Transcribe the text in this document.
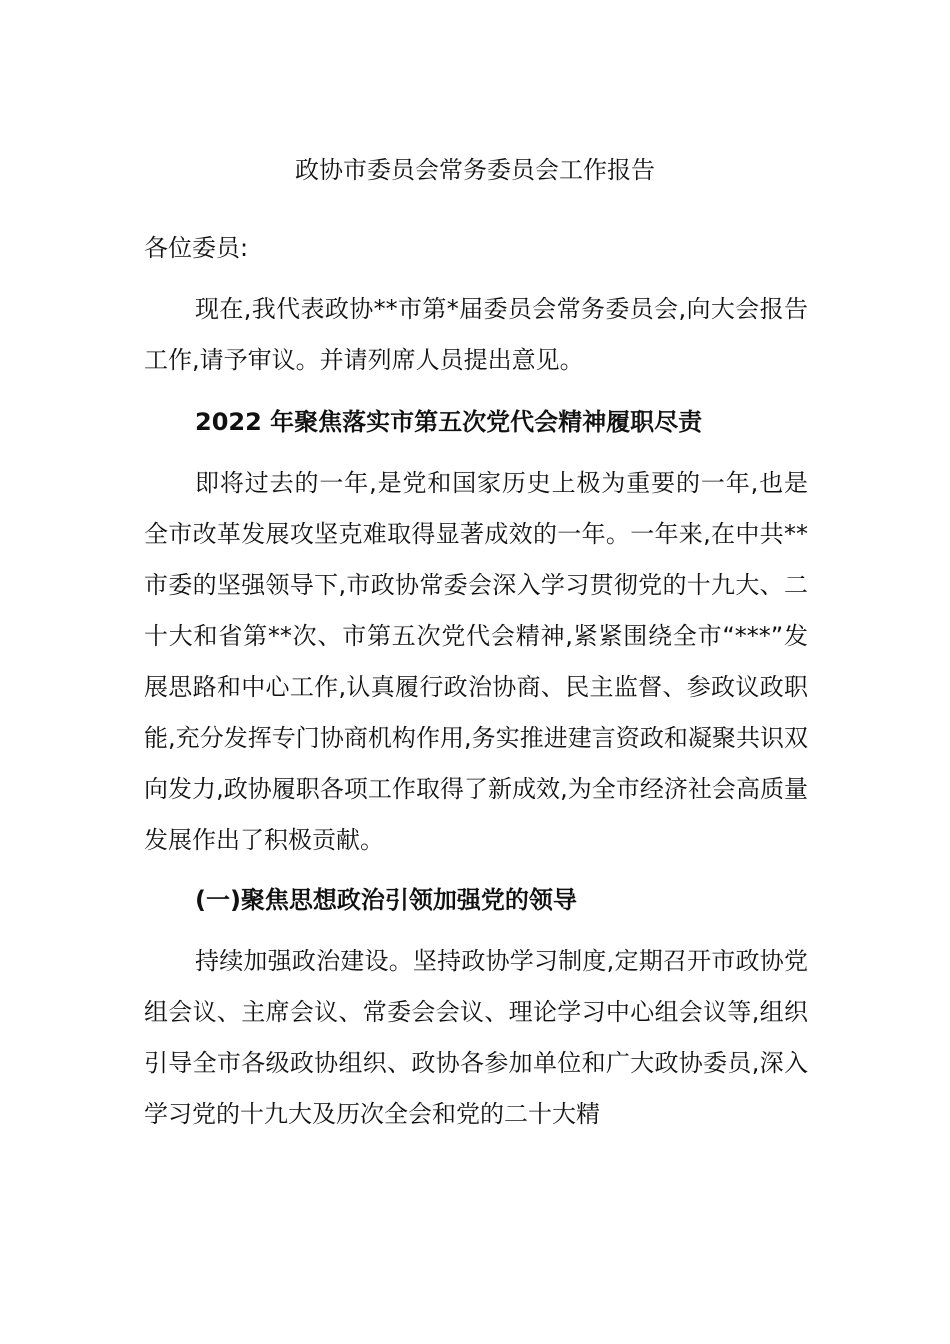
政协市委员会常务委员会工作报告

各位委员:

现在,我代表政协**市第*届委员会常务委员会,向大会报告工作,请予审议。并请列席人员提出意见。

2022 年聚焦落实市第五次党代会精神履职尽责

即将过去的一年,是党和国家历史上极为重要的一年,也是全市改革发展攻坚克难取得显著成效的一年。一年来,在中共**市委的坚强领导下,市政协常委会深入学习贯彻党的十九大、二十大和省第**次、市第五次党代会精神,紧紧围绕全市“***”发展思路和中心工作,认真履行政治协商、民主监督、参政议政职能,充分发挥专门协商机构作用,务实推进建言资政和凝聚共识双向发力,政协履职各项工作取得了新成效,为全市经济社会高质量发展作出了积极贡献。

(一)聚焦思想政治引领加强党的领导

持续加强政治建设。坚持政协学习制度,定期召开市政协党组会议、主席会议、常委会会议、理论学习中心组会议等,组织引导全市各级政协组织、政协各参加单位和广大政协委员,深入学习党的十九大及历次全会和党的二十大精
